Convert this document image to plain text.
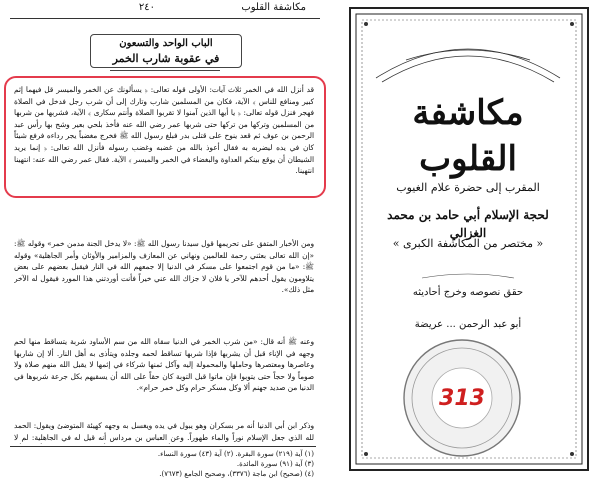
مكاشفة القلوب
٢٤٠
الباب الواحد والتسعون
في عقوبة شارب الخمر
قد أنزل الله في الخمر ثلاث آيات: الأولى قوله تعالى: ﴿ يسألونك عن الخمر والميسر قل فيهما إثم كبير ومنافع للناس ﴾ الآية، فكان من المسلمين شارب وتارك إلى أن شرب رجل فدخل في الصلاة فهجر فنزل قوله تعالى: ﴿ يا أيها الذين آمنوا لا تقربوا الصلاة وأنتم سكارى ﴾ الآية، فشربها من شربها من المسلمين وتركها من تركها حتى شربها عمر رضي الله عنه فأخذ بلحي بعير وشج بها رأس عبد الرحمن بن عوف ثم قعد ينوح على قتلى بدر فبلغ رسول الله ﷺ فخرج مغضباً يجر رداءه فرفع شيئاً كان في يده ليضربه به فقال أعوذ بالله من غضبه وغضب رسوله فأنزل الله تعالى: ﴿ إنما يريد الشيطان أن يوقع بينكم العداوة والبغضاء في الخمر والميسر ﴾ الآية. فقال عمر رضي الله عنه: انتهينا انتهينا.
ومن الأخبار المتفق على تحريمها قول سيدنا رسول الله ﷺ: «لا يدخل الجنة مدمن خمر» وقوله ﷺ: «إن الله تعالى بعثني رحمة للعالمين ونهاني عن المعازف والمزامير والأوثان وأمر الجاهلية» وقوله ﷺ: «ما من قوم اجتمعوا على مسكر في الدنيا إلا جمعهم الله في النار فيقبل بعضهم على بعض يتلاومون يقول أحدهم للآخر يا فلان لا جزاك الله عني خيراً فأنت أوردتني هذا المورد فيقول له الآخر مثل ذلك».
وعنه ﷺ أنه قال: «من شرب الخمر في الدنيا سقاه الله من سم الأساود شربة يتساقط منها لحم وجهه في الإناء قبل أن يشربها فإذا شربها تساقط لحمه وجلده ويتأذى به أهل النار. ألا إن شاربها وعاصرها ومعتصرها وحاملها والمحمولة إليه وآكل ثمنها شركاء في إثمها لا يقبل الله منهم صلاة ولا صوماً ولا حجاً حتى يتوبوا فإن ماتوا قبل التوبة كان حقاً على الله أن يسقيهم بكل جرعة شربوها في الدنيا من صديد جهنم ألا وكل مسكر حرام وكل خمر حرام».
وذكر ابن أبي الدنيا أنه مر بسكران وهو يبول في يده ويغسل به وجهه كهيئة المتوضئ ويقول: الحمد لله الذي جعل الإسلام نوراً والماء طهوراً. وعن العباس بن مرداس أنه قيل له في الجاهلية: لم لا
(١) آية (٢١٩) سورة البقرة. (٢) آية (٤٣) سورة النساء.
(٣) آية (٩١) سورة المائدة.
(٤) (صحيح) ابن ماجة (٣٣٧٦)، وصحيح الجامع (٧٦٧٣).
مكاشفة القلوب
المقرب إلى حضرة علام الغيوب
لحجة الإسلام أبي حامد بن محمد الغزالي
« مختصر من المكاشفة الكبرى »
حقق نصوصه وخرج أحاديثه
أبو عبد الرحمن ... عريضة
313
